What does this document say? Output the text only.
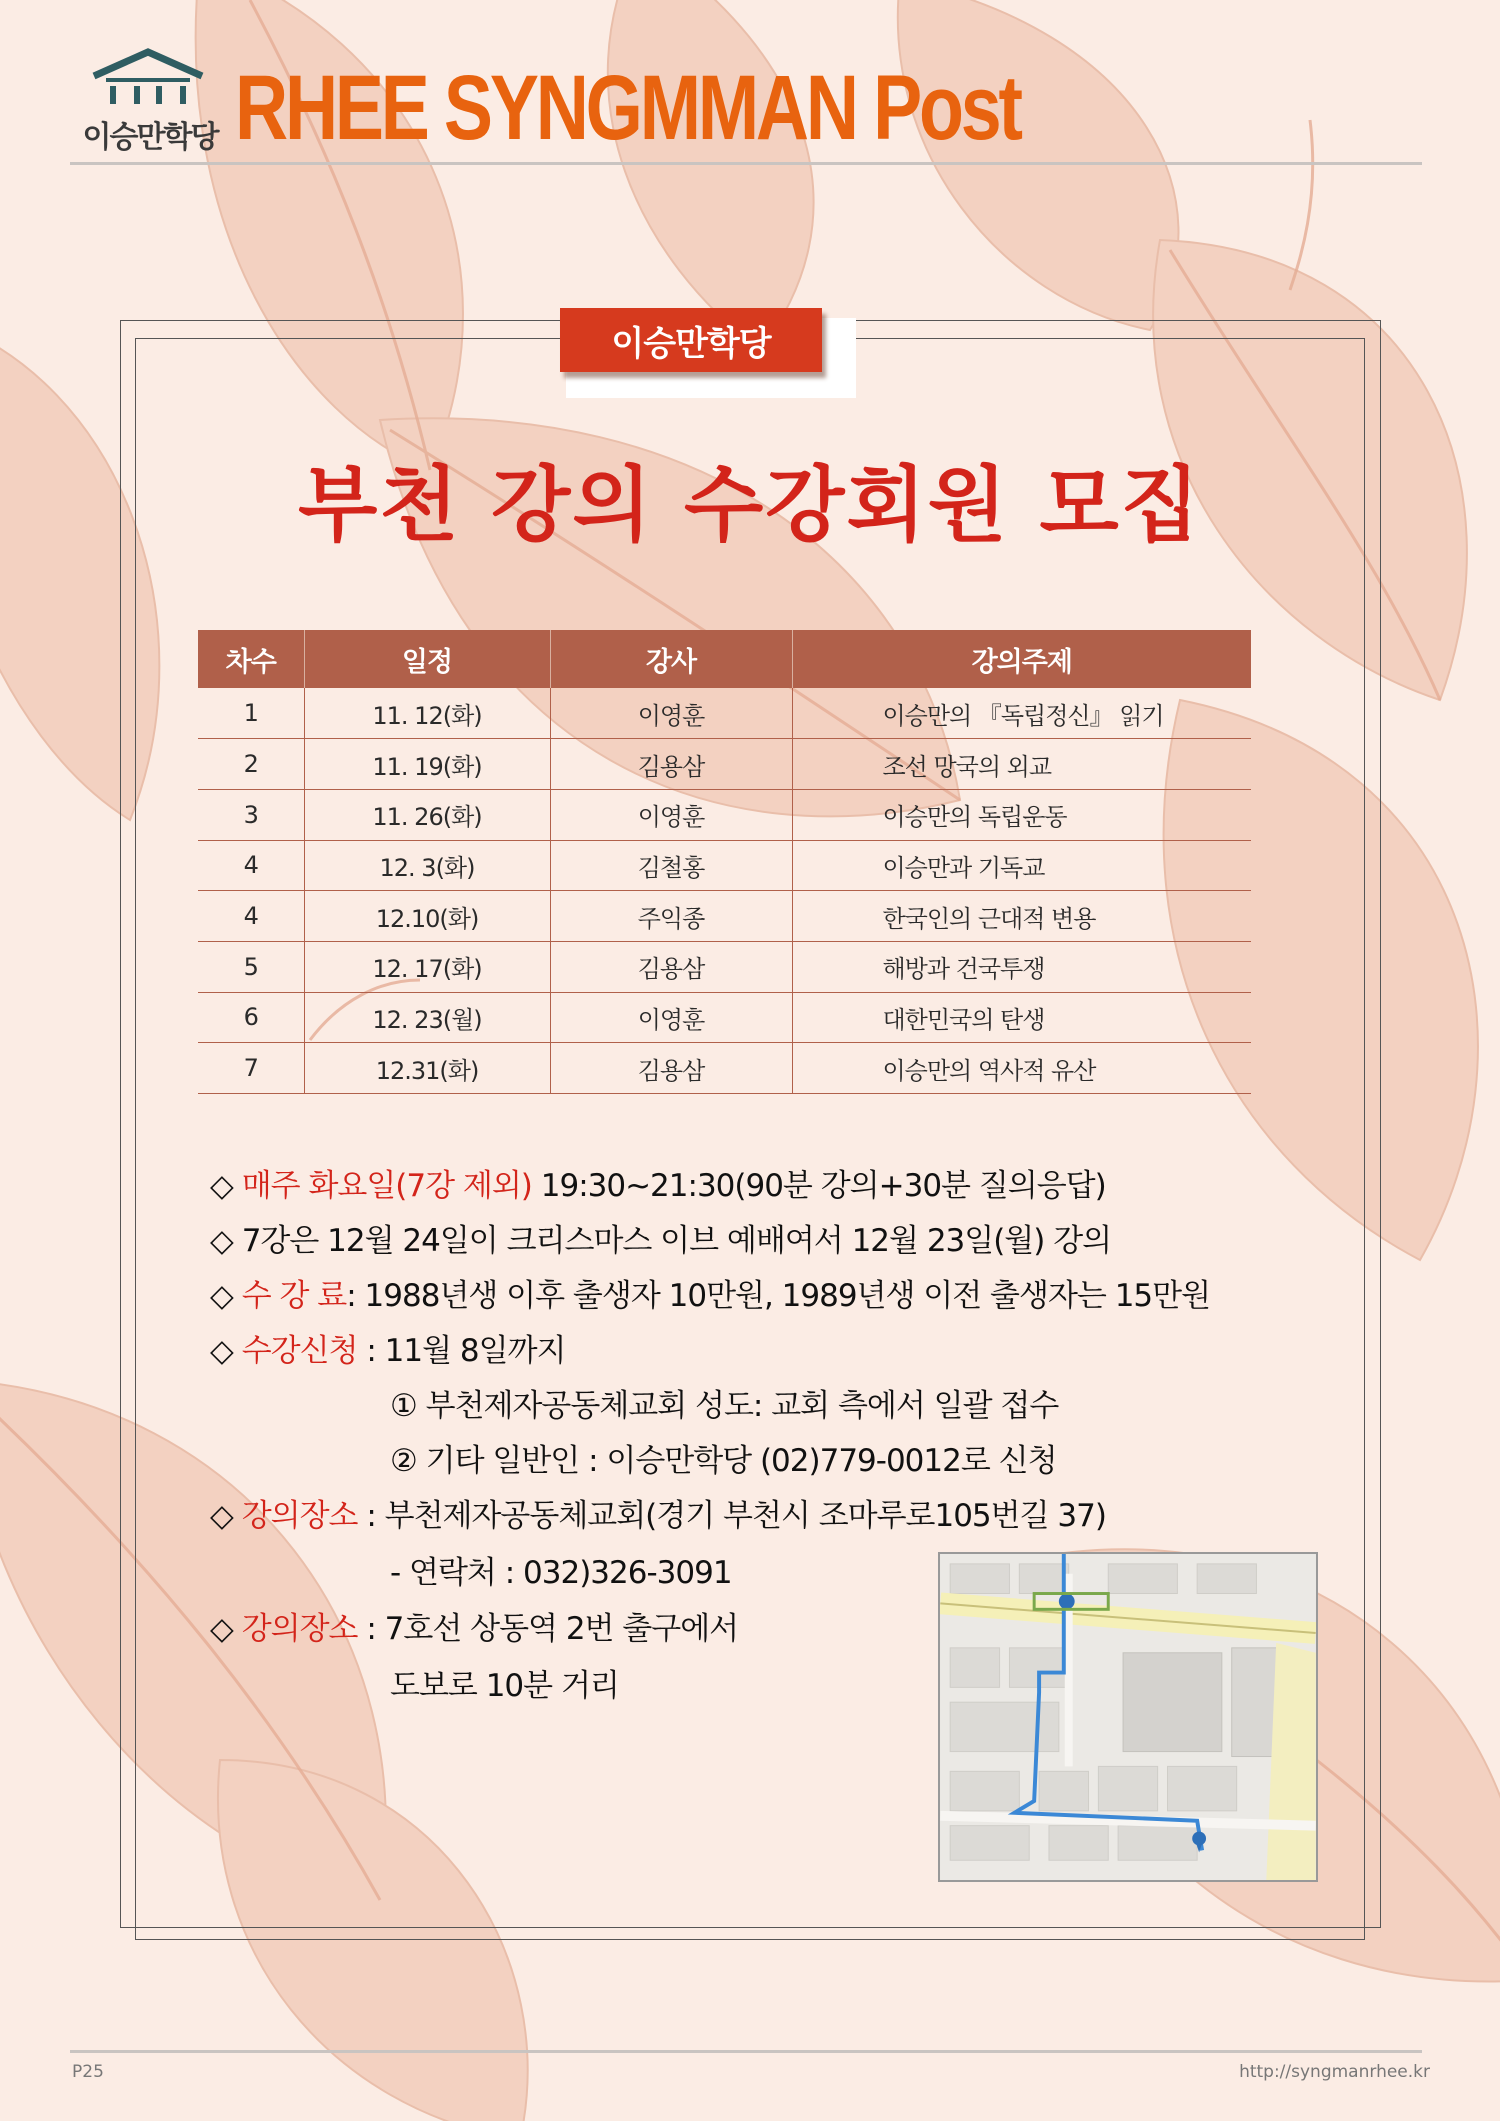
이승만학당 RHEE SYNGMMAN Post
이승만학당
부천 강의 수강회원 모집
차수	일정	강사	강의주제
1	11. 12(화)	이영훈	이승만의 『독립정신』 읽기
2	11. 19(화)	김용삼	조선 망국의 외교
3	11. 26(화)	이영훈	이승만의 독립운동
4	12. 3(화)	김철홍	이승만과 기독교
4	12.10(화)	주익종	한국인의 근대적 변용
5	12. 17(화)	김용삼	해방과 건국투쟁
6	12. 23(월)	이영훈	대한민국의 탄생
7	12.31(화)	김용삼	이승만의 역사적 유산
◇ 매주 화요일(7강 제외) 19:30~21:30(90분 강의+30분 질의응답)
◇ 7강은 12월 24일이 크리스마스 이브 예배여서 12월 23일(월) 강의
◇ 수 강 료: 1988년생 이후 출생자 10만원, 1989년생 이전 출생자는 15만원
◇ 수강신청 : 11월 8일까지
① 부천제자공동체교회 성도: 교회 측에서 일괄 접수
② 기타 일반인 : 이승만학당 (02)779-0012로 신청
◇ 강의장소 : 부천제자공동체교회(경기 부천시 조마루로105번길 37)
- 연락처 : 032)326-3091
◇ 강의장소 : 7호선 상동역 2번 출구에서
도보로 10분 거리
P25	http://syngmanrhee.kr
